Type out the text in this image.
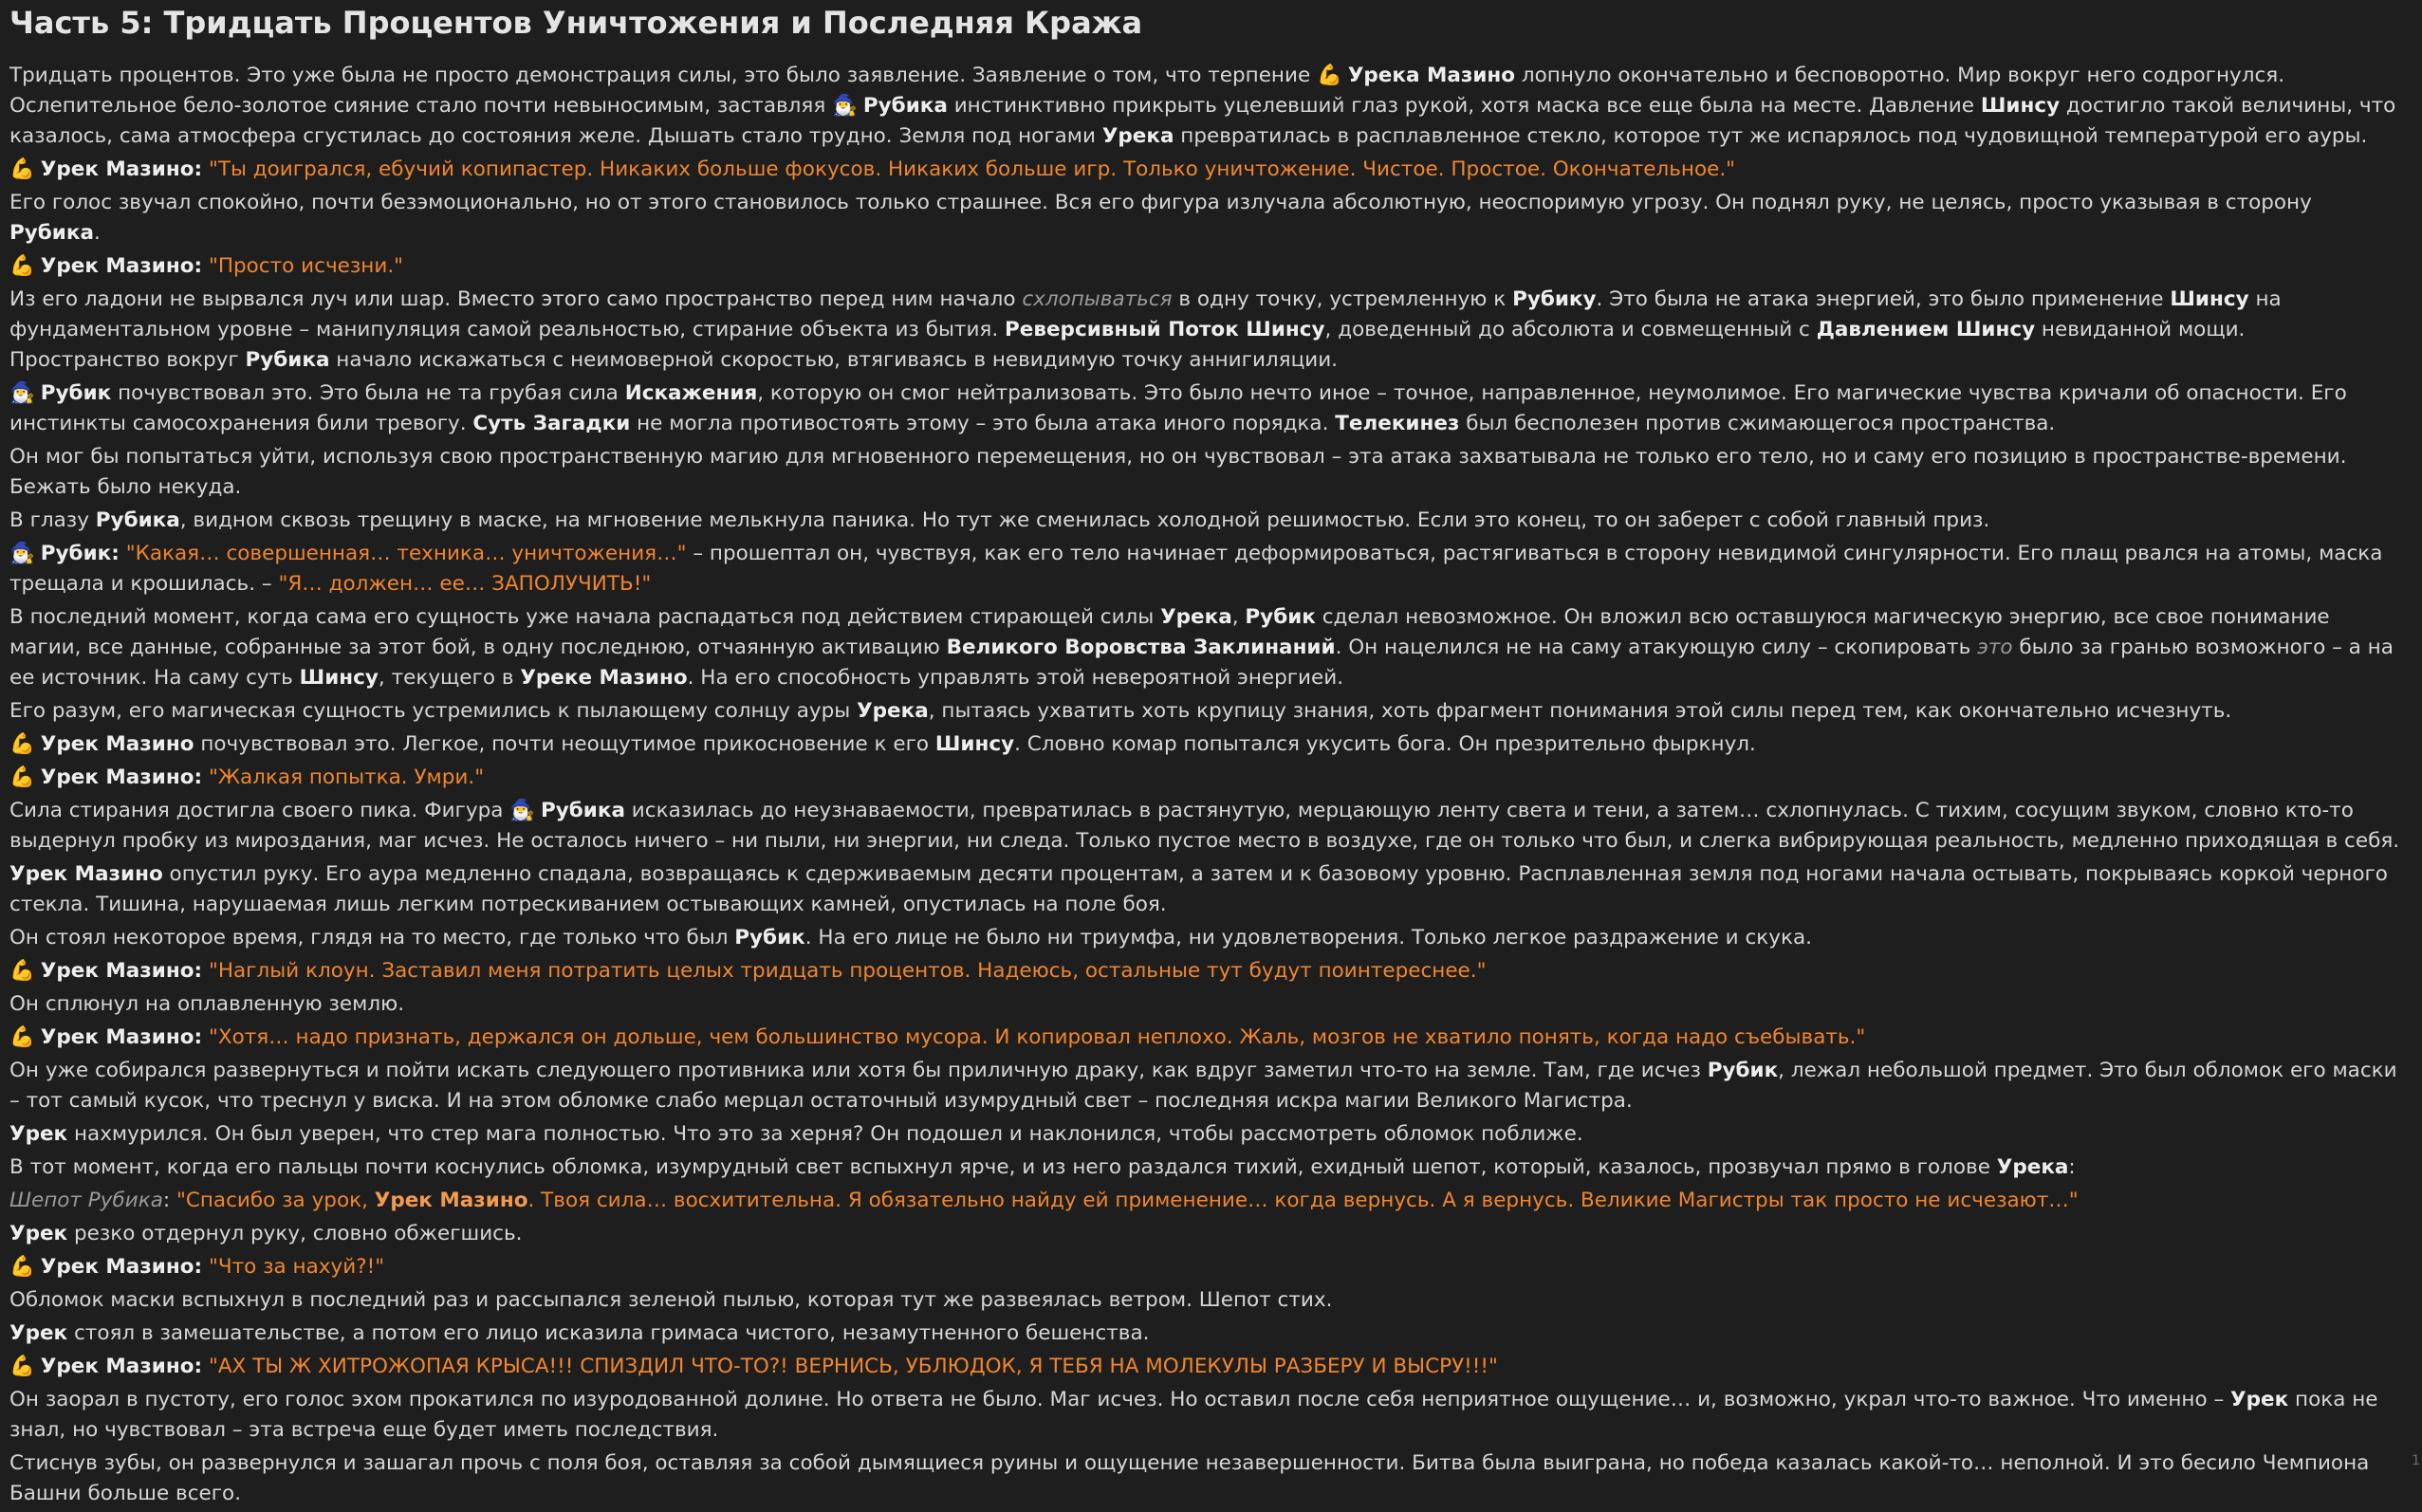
Часть 5: Тридцать Процентов Уничтожения и Последняя Кража

Тридцать процентов. Это уже была не просто демонстрация силы, это было заявление. Заявление о том, что терпение 💪 Урека Мазино лопнуло окончательно и бесповоротно. Мир вокруг него содрогнулся. Ослепительное бело-золотое сияние стало почти невыносимым, заставляя 🧙‍♂️ Рубика инстинктивно прикрыть уцелевший глаз рукой, хотя маска все еще была на месте. Давление Шинсу достигло такой величины, что казалось, сама атмосфера сгустилась до состояния желе. Дышать стало трудно. Земля под ногами Урека превратилась в расплавленное стекло, которое тут же испарялось под чудовищной температурой его ауры.

💪 Урек Мазино: "Ты доигрался, ебучий копипастер. Никаких больше фокусов. Никаких больше игр. Только уничтожение. Чистое. Простое. Окончательное."

Его голос звучал спокойно, почти безэмоционально, но от этого становилось только страшнее. Вся его фигура излучала абсолютную, неоспоримую угрозу. Он поднял руку, не целясь, просто указывая в сторону Рубика.

💪 Урек Мазино: "Просто исчезни."

Из его ладони не вырвался луч или шар. Вместо этого само пространство перед ним начало схлопываться в одну точку, устремленную к Рубику. Это была не атака энергией, это было применение Шинсу на фундаментальном уровне – манипуляция самой реальностью, стирание объекта из бытия. Реверсивный Поток Шинсу, доведенный до абсолюта и совмещенный с Давлением Шинсу невиданной мощи. Пространство вокруг Рубика начало искажаться с неимоверной скоростью, втягиваясь в невидимую точку аннигиляции.

🧙‍♂️ Рубик почувствовал это. Это была не та грубая сила Искажения, которую он смог нейтрализовать. Это было нечто иное – точное, направленное, неумолимое. Его магические чувства кричали об опасности. Его инстинкты самосохранения били тревогу. Суть Загадки не могла противостоять этому – это была атака иного порядка. Телекинез был бесполезен против сжимающегося пространства.

Он мог бы попытаться уйти, используя свою пространственную магию для мгновенного перемещения, но он чувствовал – эта атака захватывала не только его тело, но и саму его позицию в пространстве-времени. Бежать было некуда.

В глазу Рубика, видном сквозь трещину в маске, на мгновение мелькнула паника. Но тут же сменилась холодной решимостью. Если это конец, то он заберет с собой главный приз.

🧙‍♂️ Рубик: "Какая… совершенная… техника… уничтожения…" – прошептал он, чувствуя, как его тело начинает деформироваться, растягиваться в сторону невидимой сингулярности. Его плащ рвался на атомы, маска трещала и крошилась. – "Я… должен… ее… ЗАПОЛУЧИТЬ!"

В последний момент, когда сама его сущность уже начала распадаться под действием стирающей силы Урека, Рубик сделал невозможное. Он вложил всю оставшуюся магическую энергию, все свое понимание магии, все данные, собранные за этот бой, в одну последнюю, отчаянную активацию Великого Воровства Заклинаний. Он нацелился не на саму атакующую силу – скопировать это было за гранью возможного – а на ее источник. На саму суть Шинсу, текущего в Уреке Мазино. На его способность управлять этой невероятной энергией.

Его разум, его магическая сущность устремились к пылающему солнцу ауры Урека, пытаясь ухватить хоть крупицу знания, хоть фрагмент понимания этой силы перед тем, как окончательно исчезнуть.

💪 Урек Мазино почувствовал это. Легкое, почти неощутимое прикосновение к его Шинсу. Словно комар попытался укусить бога. Он презрительно фыркнул.

💪 Урек Мазино: "Жалкая попытка. Умри."

Сила стирания достигла своего пика. Фигура 🧙‍♂️ Рубика исказилась до неузнаваемости, превратилась в растянутую, мерцающую ленту света и тени, а затем… схлопнулась. С тихим, сосущим звуком, словно кто-то выдернул пробку из мироздания, маг исчез. Не осталось ничего – ни пыли, ни энергии, ни следа. Только пустое место в воздухе, где он только что был, и слегка вибрирующая реальность, медленно приходящая в себя.

Урек Мазино опустил руку. Его аура медленно спадала, возвращаясь к сдерживаемым десяти процентам, а затем и к базовому уровню. Расплавленная земля под ногами начала остывать, покрываясь коркой черного стекла. Тишина, нарушаемая лишь легким потрескиванием остывающих камней, опустилась на поле боя.

Он стоял некоторое время, глядя на то место, где только что был Рубик. На его лице не было ни триумфа, ни удовлетворения. Только легкое раздражение и скука.

💪 Урек Мазино: "Наглый клоун. Заставил меня потратить целых тридцать процентов. Надеюсь, остальные тут будут поинтереснее."

Он сплюнул на оплавленную землю.

💪 Урек Мазино: "Хотя… надо признать, держался он дольше, чем большинство мусора. И копировал неплохо. Жаль, мозгов не хватило понять, когда надо съебывать."

Он уже собирался развернуться и пойти искать следующего противника или хотя бы приличную драку, как вдруг заметил что-то на земле. Там, где исчез Рубик, лежал небольшой предмет. Это был обломок его маски – тот самый кусок, что треснул у виска. И на этом обломке слабо мерцал остаточный изумрудный свет – последняя искра магии Великого Магистра.

Урек нахмурился. Он был уверен, что стер мага полностью. Что это за херня? Он подошел и наклонился, чтобы рассмотреть обломок поближе.

В тот момент, когда его пальцы почти коснулись обломка, изумрудный свет вспыхнул ярче, и из него раздался тихий, ехидный шепот, который, казалось, прозвучал прямо в голове Урека:

Шепот Рубика: "Спасибо за урок, Урек Мазино. Твоя сила… восхитительна. Я обязательно найду ей применение… когда вернусь. А я вернусь. Великие Магистры так просто не исчезают…"

Урек резко отдернул руку, словно обжегшись.

💪 Урек Мазино: "Что за нахуй?!"

Обломок маски вспыхнул в последний раз и рассыпался зеленой пылью, которая тут же развеялась ветром. Шепот стих.

Урек стоял в замешательстве, а потом его лицо исказила гримаса чистого, незамутненного бешенства.

💪 Урек Мазино: "АХ ТЫ Ж ХИТРОЖОПАЯ КРЫСА!!! СПИЗДИЛ ЧТО-ТО?! ВЕРНИСЬ, УБЛЮДОК, Я ТЕБЯ НА МОЛЕКУЛЫ РАЗБЕРУ И ВЫСРУ!!!"

Он заорал в пустоту, его голос эхом прокатился по изуродованной долине. Но ответа не было. Маг исчез. Но оставил после себя неприятное ощущение… и, возможно, украл что-то важное. Что именно – Урек пока не знал, но чувствовал – эта встреча еще будет иметь последствия.

Стиснув зубы, он развернулся и зашагал прочь с поля боя, оставляя за собой дымящиеся руины и ощущение незавершенности. Битва была выиграна, но победа казалась какой-то… неполной. И это бесило Чемпиона Башни больше всего.

1
